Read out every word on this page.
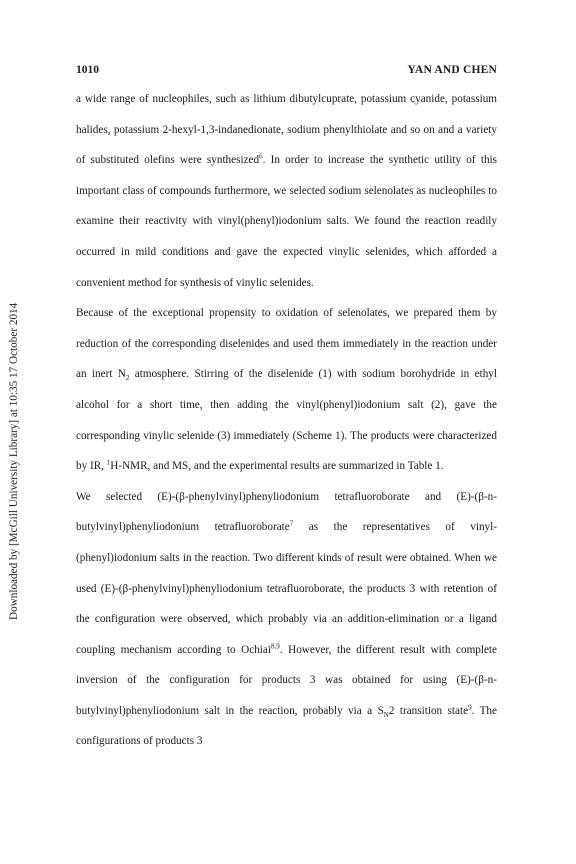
Downloaded by [McGill University Library] at 10:35 17 October 2014
1010	YAN AND CHEN

a wide range of nucleophiles, such as lithium dibutylcuprate, potassium cyanide, potassium halides, potassium 2-hexyl-1,3-indanedionate, sodium phenylthiolate and so on and a variety of substituted olefins were synthesized$^6$. In order to increase the synthetic utility of this important class of compounds furthermore, we selected sodium selenolates as nucleophiles to examine their reactivity with vinyl(phenyl)iodonium salts. We found the reaction readily occurred in mild conditions and gave the expected vinylic selenides, which afforded a convenient method for synthesis of vinylic selenides.

Because of the exceptional propensity to oxidation of selenolates, we prepared them by reduction of the corresponding diselenides and used them immediately in the reaction under an inert $N_2$ atmosphere. Stirring of the diselenide (1) with sodium borohydride in ethyl alcohol for a short time, then adding the vinyl(phenyl)iodonium salt (2), gave the corresponding vinylic selenide (3) immediately (Scheme 1). The products were characterized by IR, $^1$H-NMR, and MS, and the experimental results are summarized in Table 1.

We selected (E)-(β-phenylvinyl)phenyliodonium tetrafluoroborate and (E)-(β-n-butylvinyl)phenyliodonium tetrafluoroborate$^7$ as the representatives of vinyl-(phenyl)iodonium salts in the reaction. Two different kinds of result were obtained. When we used (E)-(β-phenylvinyl)phenyliodonium tetrafluoroborate, the products 3 with retention of the configuration were observed, which probably via an addition-elimination or a ligand coupling mechanism according to Ochiai$^{8,9}$. However, the different result with complete inversion of the configuration for products 3 was obtained for using (E)-(β-n-butylvinyl)phenyliodonium salt in the reaction, probably via a $S_N2$ transition state$^9$. The configurations of products 3
